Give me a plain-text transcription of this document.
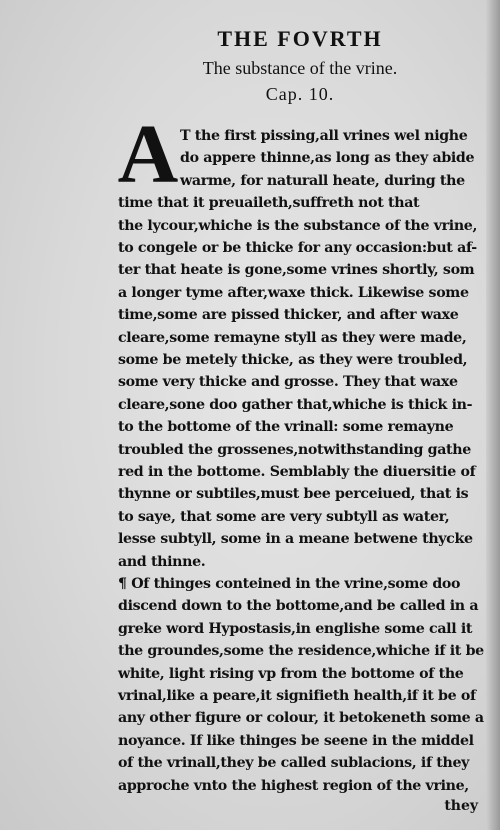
THE FOVRTH
The substance of the vrine.
Cap. 10.
A T the first pissing,all vrines wel nighe
do appere thinne,as long as they abide
warme, for naturall heate, during the
time that it preuaileth,suffreth not that
the lycour,whiche is the substance of the vrine,
to congele or be thicke for any occasion:but af-
ter that heate is gone,some vrines shortly, som
a longer tyme after,waxe thick. Likewise some
time,some are pissed thicker, and after waxe
cleare,some remayne styll as they were made,
some be metely thicke, as they were troubled,
some very thicke and grosse. They that waxe
cleare,sone doo gather that,whiche is thick in-
to the bottome of the vrinall: some remayne
troubled the grossenes,notwithstanding gathe
red in the bottome. Semblably the diuersitie of
thynne or subtiles,must bee perceiued, that is
to saye, that some are very subtyll as water,
lesse subtyll, some in a meane betwene thycke
and thinne.
¶ Of thinges conteined in the vrine,some doo
discend down to the bottome,and be called in a
greke word Hypostasis,in englishe some call it
the groundes,some the residence,whiche if it be
white, light rising vp from the bottome of the
vrinal,like a peare,it signifieth health,if it be of
any other figure or colour, it betokeneth some a
noyance. If like thinges be seene in the middel
of the vrinall,they be called sublacions, if they
approche vnto the highest region of the vrine,
they
